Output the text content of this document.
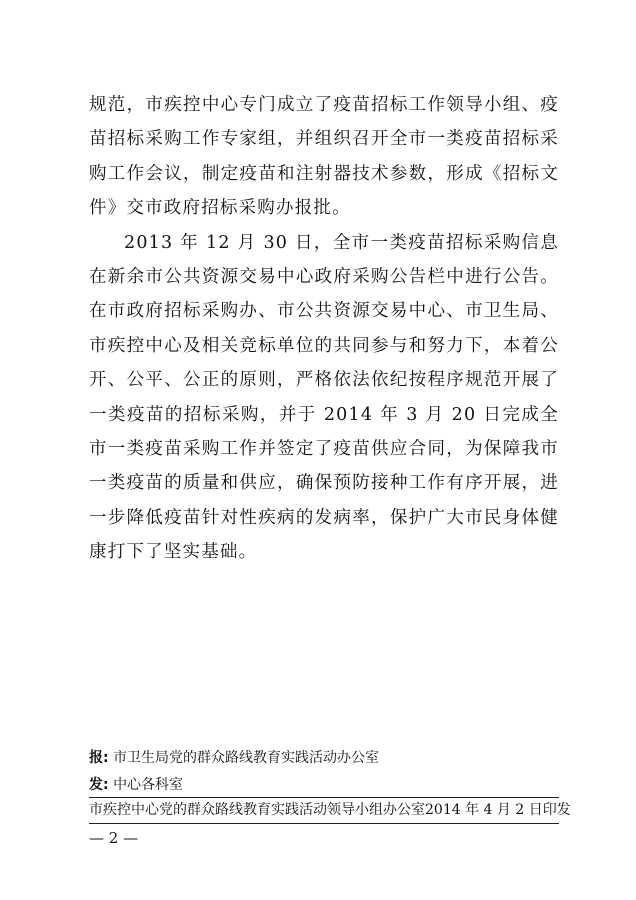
规范，市疾控中心专门成立了疫苗招标工作领导小组、疫苗招标采购工作专家组，并组织召开全市一类疫苗招标采购工作会议，制定疫苗和注射器技术参数，形成《招标文件》交市政府招标采购办报批。

2013 年 12 月 30 日，全市一类疫苗招标采购信息在新余市公共资源交易中心政府采购公告栏中进行公告。在市政府招标采购办、市公共资源交易中心、市卫生局、市疾控中心及相关竞标单位的共同参与和努力下，本着公开、公平、公正的原则，严格依法依纪按程序规范开展了一类疫苗的招标采购，并于 2014 年 3 月 20 日完成全市一类疫苗采购工作并签定了疫苗供应合同，为保障我市一类疫苗的质量和供应，确保预防接种工作有序开展，进一步降低疫苗针对性疾病的发病率，保护广大市民身体健康打下了坚实基础。

报: 市卫生局党的群众路线教育实践活动办公室
发: 中心各科室
市疾控中心党的群众路线教育实践活动领导小组办公室 2014 年 4 月 2 日印发
— 2 —
